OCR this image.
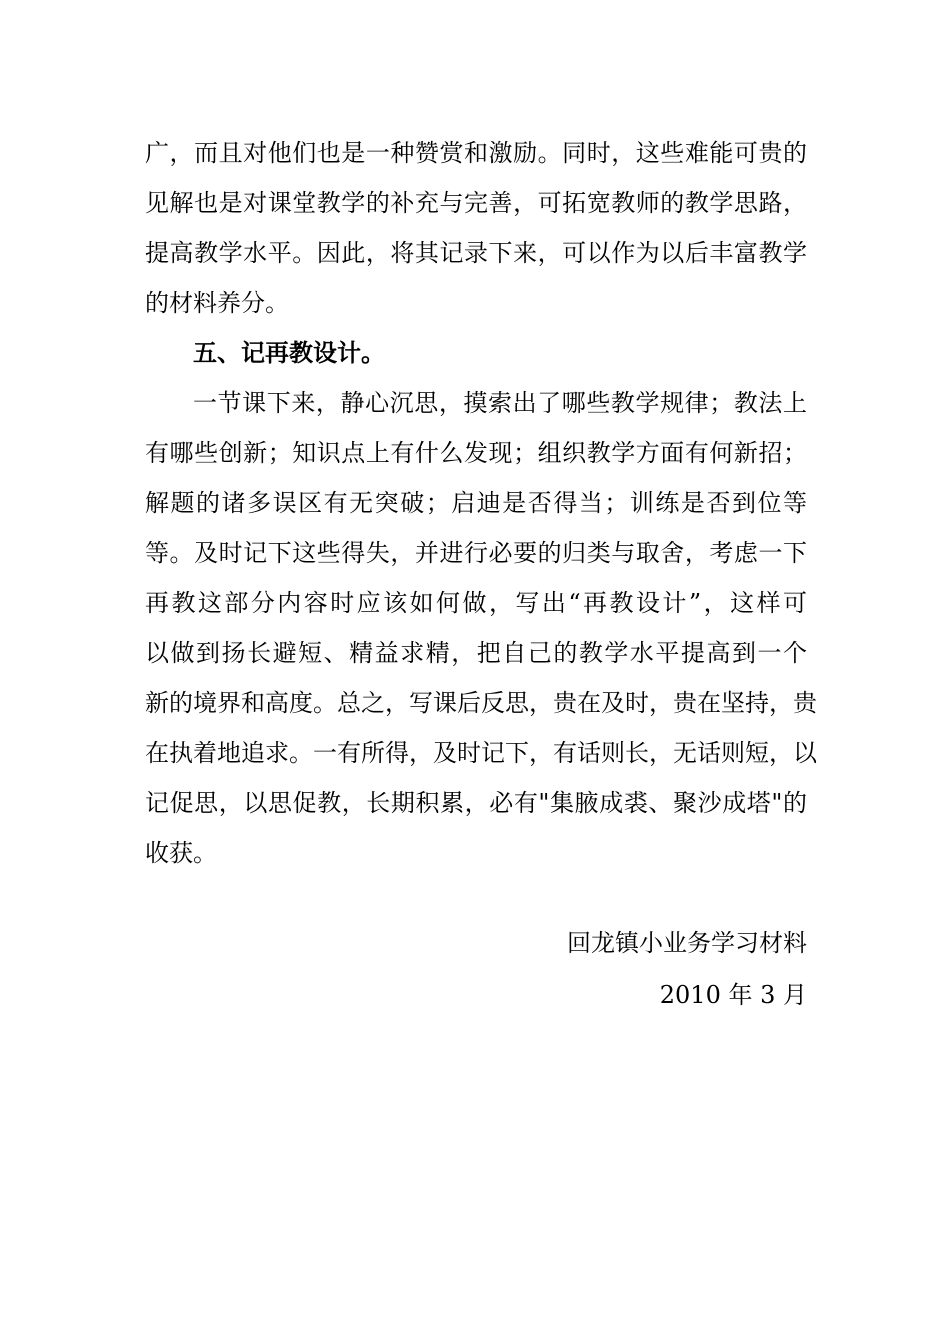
广，而且对他们也是一种赞赏和激励。同时，这些难能可贵的
见解也是对课堂教学的补充与完善，可拓宽教师的教学思路，
提高教学水平。因此，将其记录下来，可以作为以后丰富教学
的材料养分。
五、记再教设计。
一节课下来，静心沉思，摸索出了哪些教学规律；教法上
有哪些创新；知识点上有什么发现；组织教学方面有何新招；
解题的诸多误区有无突破；启迪是否得当；训练是否到位等
等。及时记下这些得失，并进行必要的归类与取舍，考虑一下
再教这部分内容时应该如何做，写出“再教设计”，这样可
以做到扬长避短、精益求精，把自己的教学水平提高到一个
新的境界和高度。总之，写课后反思，贵在及时，贵在坚持，贵
在执着地追求。一有所得，及时记下，有话则长，无话则短，以
记促思，以思促教，长期积累，必有"集腋成裘、聚沙成塔"的
收获。
回龙镇小业务学习材料
2010 年 3 月
